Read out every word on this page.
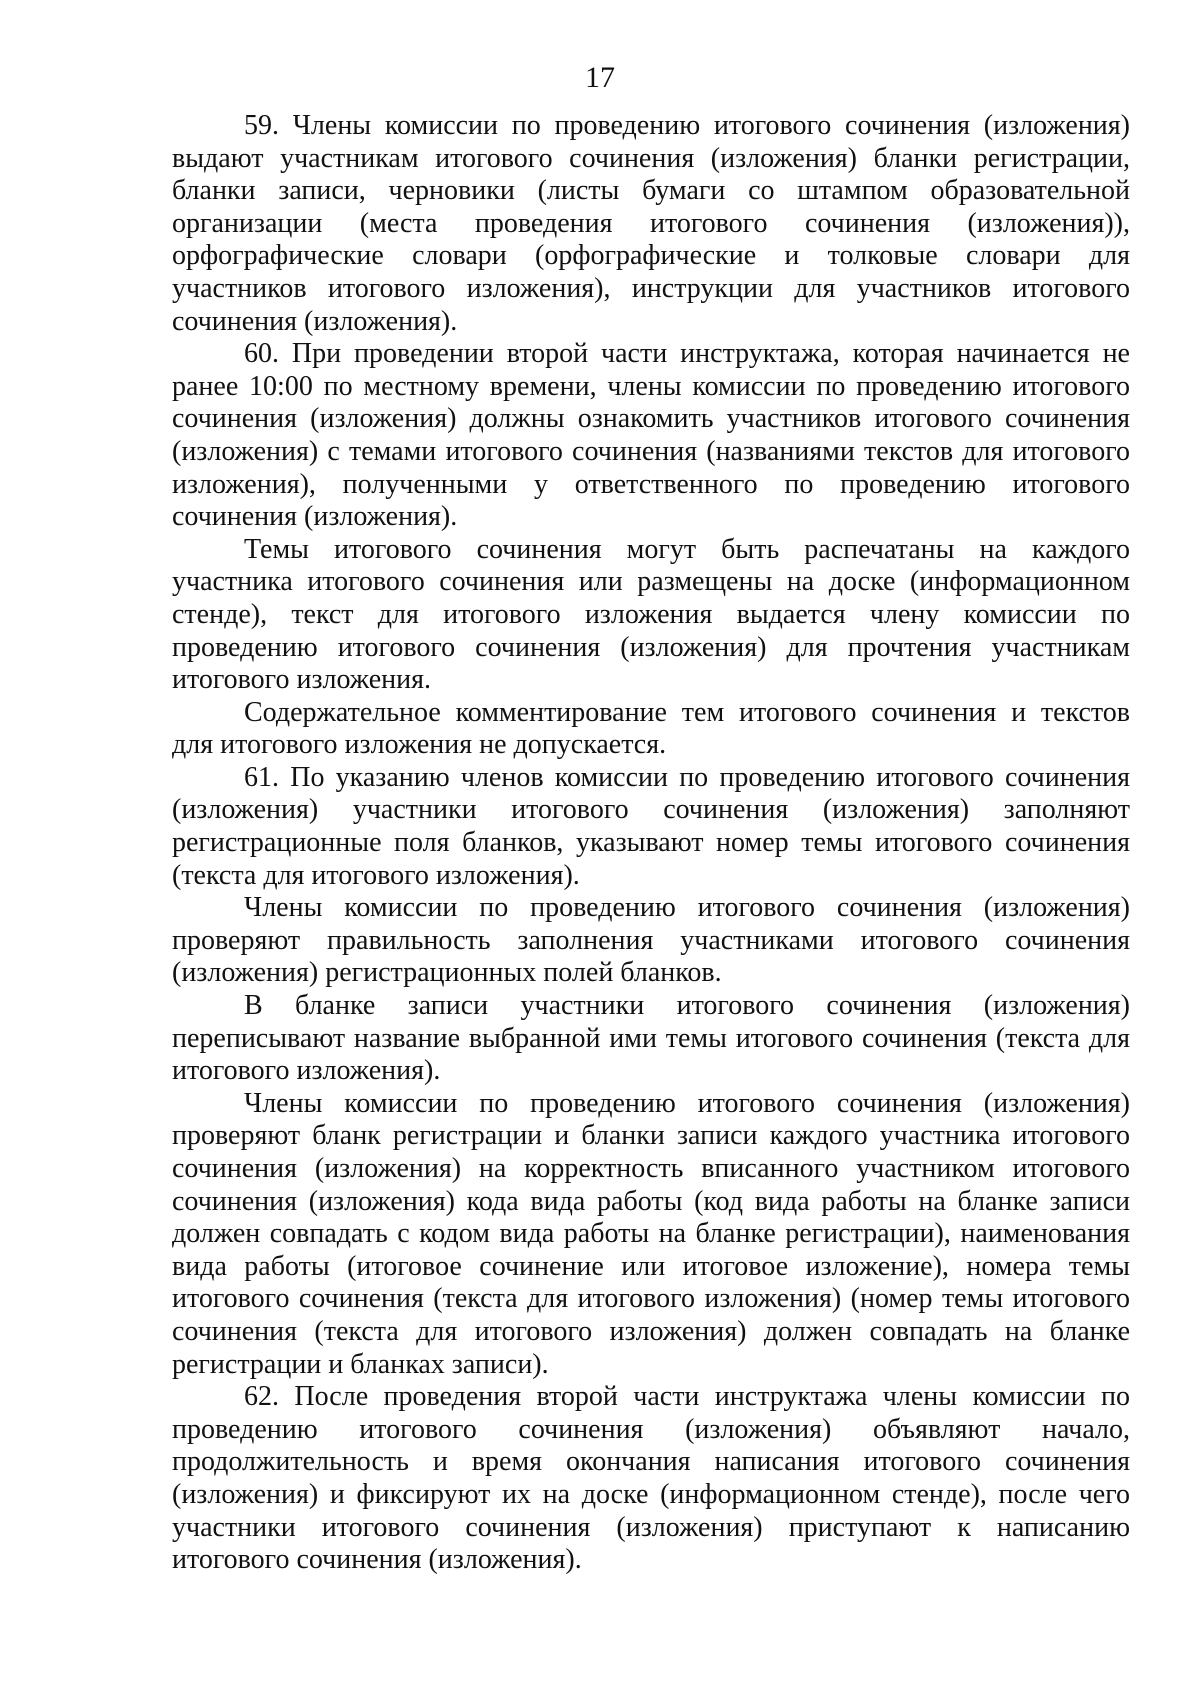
17

59. Члены комиссии по проведению итогового сочинения (изложения) выдают участникам итогового сочинения (изложения) бланки регистрации, бланки записи, черновики (листы бумаги со штампом образовательной организации (места проведения итогового сочинения (изложения)), орфографические словари (орфографические и толковые словари для участников итогового изложения), инструкции для участников итогового сочинения (изложения).

60. При проведении второй части инструктажа, которая начинается не ранее 10:00 по местному времени, члены комиссии по проведению итогового сочинения (изложения) должны ознакомить участников итогового сочинения (изложения) с темами итогового сочинения (названиями текстов для итогового изложения), полученными у ответственного по проведению итогового сочинения (изложения).

Темы итогового сочинения могут быть распечатаны на каждого участника итогового сочинения или размещены на доске (информационном стенде), текст для итогового изложения выдается члену комиссии по проведению итогового сочинения (изложения) для прочтения участникам итогового изложения.

Содержательное комментирование тем итогового сочинения и текстов для итогового изложения не допускается.

61. По указанию членов комиссии по проведению итогового сочинения (изложения) участники итогового сочинения (изложения) заполняют регистрационные поля бланков, указывают номер темы итогового сочинения (текста для итогового изложения).

Члены комиссии по проведению итогового сочинения (изложения) проверяют правильность заполнения участниками итогового сочинения (изложения) регистрационных полей бланков.

В бланке записи участники итогового сочинения (изложения) переписывают название выбранной ими темы итогового сочинения (текста для итогового изложения).

Члены комиссии по проведению итогового сочинения (изложения) проверяют бланк регистрации и бланки записи каждого участника итогового сочинения (изложения) на корректность вписанного участником итогового сочинения (изложения) кода вида работы (код вида работы на бланке записи должен совпадать с кодом вида работы на бланке регистрации), наименования вида работы (итоговое сочинение или итоговое изложение), номера темы итогового сочинения (текста для итогового изложения) (номер темы итогового сочинения (текста для итогового изложения) должен совпадать на бланке регистрации и бланках записи).

62. После проведения второй части инструктажа члены комиссии по проведению итогового сочинения (изложения) объявляют начало, продолжительность и время окончания написания итогового сочинения (изложения) и фиксируют их на доске (информационном стенде), после чего участники итогового сочинения (изложения) приступают к написанию итогового сочинения (изложения).
